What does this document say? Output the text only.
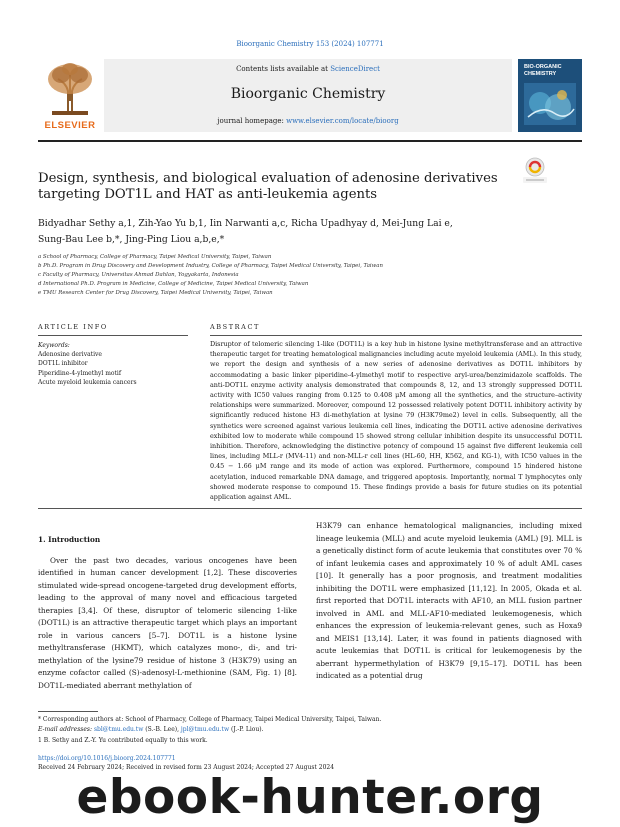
Bioorganic Chemistry 153 (2024) 107771
ELSEVIER
Contents lists available at ScienceDirect
Bioorganic Chemistry
journal homepage: www.elsevier.com/locate/bioorg
BIO-ORGANIC CHEMISTRY
Design, synthesis, and biological evaluation of adenosine derivatives targeting DOT1L and HAT as anti-leukemia agents
Bidyadhar Sethy a,1, Zih-Yao Yu b,1, Iin Narwanti a,c, Richa Upadhyay d, Mei-Jung Lai e,
Sung-Bau Lee b,*, Jing-Ping Liou a,b,e,*
a School of Pharmacy, College of Pharmacy, Taipei Medical University, Taipei, Taiwan
b Ph.D. Program in Drug Discovery and Development Industry, College of Pharmacy, Taipei Medical University, Taipei, Taiwan
c Faculty of Pharmacy, Universitas Ahmad Dahlan, Yogyakarta, Indonesia
d International Ph.D. Program in Medicine, College of Medicine, Taipei Medical University, Taiwan
e TMU Research Center for Drug Discovery, Taipei Medical University, Taipei, Taiwan
ARTICLE INFO	ABSTRACT
Keywords:
Adenosine derivative
DOT1L inhibitor
Piperidine-4-ylmethyl motif
Acute myeloid leukemia cancers
Disruptor of telomeric silencing 1-like (DOT1L) is a key hub in histone lysine methyltransferase and an attractive therapeutic target for treating hematological malignancies including acute myeloid leukemia (AML). In this study, we report the design and synthesis of a new series of adenosine derivatives as DOT1L inhibitors by accommodating a basic linker piperidine-4-ylmethyl motif to respective aryl-urea/benzimidazole scaffolds. The anti-DOT1L enzyme activity analysis demonstrated that compounds 8, 12, and 13 strongly suppressed DOT1L activity with IC50 values ranging from 0.125 to 0.408 μM among all the synthetics, and the structure–activity relationships were summarized. Moreover, compound 12 possessed relatively potent DOT1L inhibitory activity by significantly reduced histone H3 di-methylation at lysine 79 (H3K79me2) level in cells. Subsequently, all the synthetics were screened against various leukemia cell lines, indicating the DOT1L active adenosine derivatives exhibited low to moderate while compound 15 showed strong cellular inhibition despite its unsuccessful DOT1L inhibition. Therefore, acknowledging the distinctive potency of compound 15 against five different leukemia cell lines, including MLL-r (MV4-11) and non-MLL-r cell lines (HL-60, HH, K562, and KG-1), with IC50 values in the 0.45 − 1.66 μM range and its mode of action was explored. Furthermore, compound 15 hindered histone acetylation, induced remarkable DNA damage, and triggered apoptosis. Importantly, normal T lymphocytes only showed moderate response to compound 15. These findings provide a basis for future studies on its potential application against AML.
1. Introduction
Over the past two decades, various oncogenes have been identified in human cancer development [1,2]. These discoveries stimulated wide-spread oncogene-targeted drug development efforts, leading to the approval of many novel and efficacious targeted therapies [3,4]. Of these, disruptor of telomeric silencing 1-like (DOT1L) is an attractive therapeutic target which plays an important role in various cancers [5–7]. DOT1L is a histone lysine methyltransferase (HKMT), which catalyzes mono-, di-, and tri-methylation of the lysine79 residue of histone 3 (H3K79) using an enzyme cofactor called (S)-adenosyl-L-methionine (SAM, Fig. 1) [8]. DOT1L-mediated aberrant methylation of
H3K79 can enhance hematological malignancies, including mixed lineage leukemia (MLL) and acute myeloid leukemia (AML) [9]. MLL is a genetically distinct form of acute leukemia that constitutes over 70 % of infant leukemia cases and approximately 10 % of adult AML cases [10]. It generally has a poor prognosis, and treatment modalities inhibiting the DOT1L were emphasized [11,12]. In 2005, Okada et al. first reported that DOT1L interacts with AF10, an MLL fusion partner involved in AML and MLL-AF10-mediated leukemogenesis, which enhances the expression of leukemia-relevant genes, such as Hoxa9 and MEIS1 [13,14]. Later, it was found in patients diagnosed with acute leukemias that DOT1L is critical for leukemogenesis by the aberrant hypermethylation of H3K79 [9,15–17]. DOT1L has been indicated as a potential drug
* Corresponding authors at: School of Pharmacy, College of Pharmacy, Taipei Medical University, Taipei, Taiwan.
E-mail addresses: sbl@tmu.edu.tw (S.-B. Lee), jpl@tmu.edu.tw (J.-P. Liou).
1 B. Sethy and Z.-Y. Yu contributed equally to this work.
https://doi.org/10.1016/j.bioorg.2024.107771
Received 24 February 2024; Received in revised form 23 August 2024; Accepted 27 August 2024
ebook-hunter.org
